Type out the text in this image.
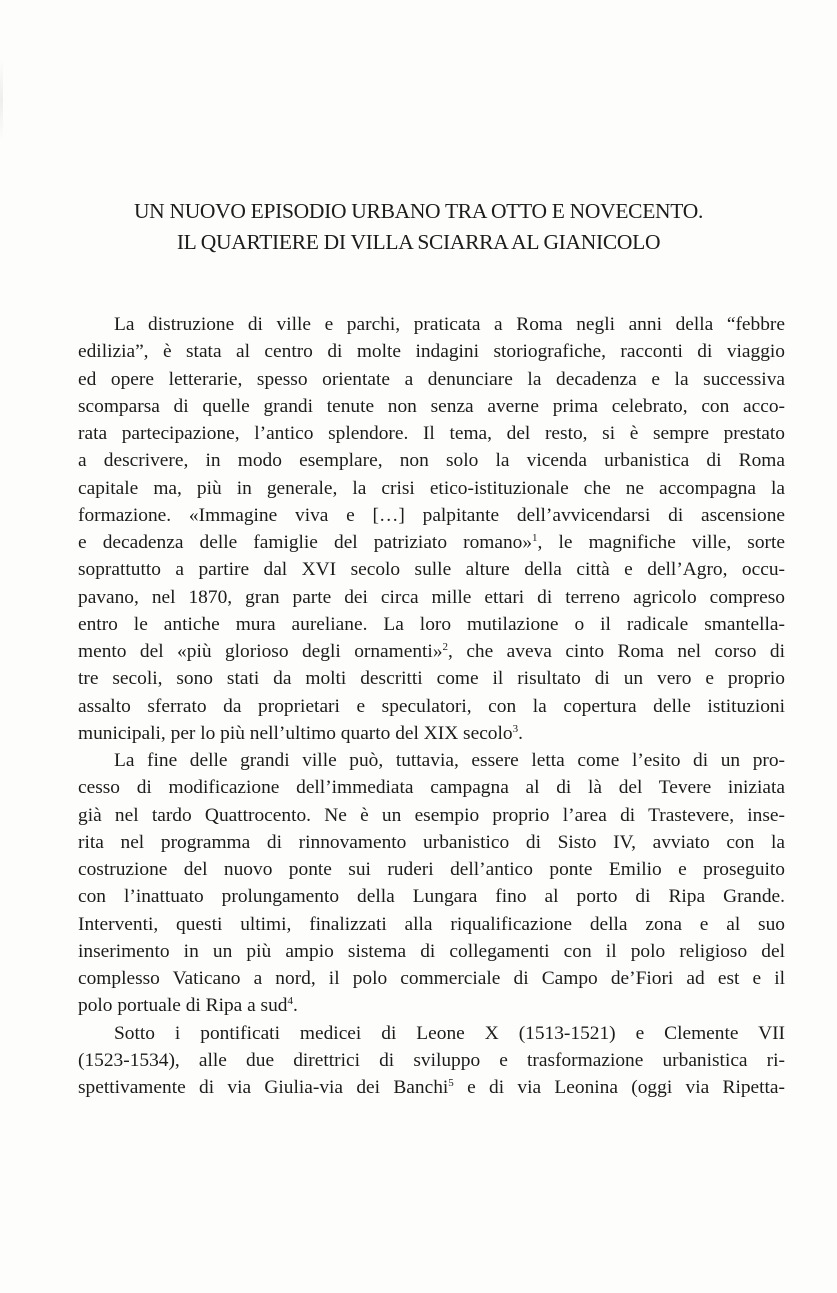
UN NUOVO EPISODIO URBANO TRA OTTO E NOVECENTO.
IL QUARTIERE DI VILLA SCIARRA AL GIANICOLO

La distruzione di ville e parchi, praticata a Roma negli anni della “febbre
edilizia”, è stata al centro di molte indagini storiografiche, racconti di viaggio
ed opere letterarie, spesso orientate a denunciare la decadenza e la successiva
scomparsa di quelle grandi tenute non senza averne prima celebrato, con acco-
rata partecipazione, l’antico splendore. Il tema, del resto, si è sempre prestato
a descrivere, in modo esemplare, non solo la vicenda urbanistica di Roma
capitale ma, più in generale, la crisi etico-istituzionale che ne accompagna la
formazione. «Immagine viva e […] palpitante dell’avvicendarsi di ascensione
e decadenza delle famiglie del patriziato romano»$^1$, le magnifiche ville, sorte
soprattutto a partire dal XVI secolo sulle alture della città e dell’Agro, occu-
pavano, nel 1870, gran parte dei circa mille ettari di terreno agricolo compreso
entro le antiche mura aureliane. La loro mutilazione o il radicale smantella-
mento del «più glorioso degli ornamenti»$^2$, che aveva cinto Roma nel corso di
tre secoli, sono stati da molti descritti come il risultato di un vero e proprio
assalto sferrato da proprietari e speculatori, con la copertura delle istituzioni
municipali, per lo più nell’ultimo quarto del XIX secolo$^3$.

La fine delle grandi ville può, tuttavia, essere letta come l’esito di un pro-
cesso di modificazione dell’immediata campagna al di là del Tevere iniziata
già nel tardo Quattrocento. Ne è un esempio proprio l’area di Trastevere, inse-
rita nel programma di rinnovamento urbanistico di Sisto IV, avviato con la
costruzione del nuovo ponte sui ruderi dell’antico ponte Emilio e proseguito
con l’inattuato prolungamento della Lungara fino al porto di Ripa Grande.
Interventi, questi ultimi, finalizzati alla riqualificazione della zona e al suo
inserimento in un più ampio sistema di collegamenti con il polo religioso del
complesso Vaticano a nord, il polo commerciale di Campo de’Fiori ad est e il
polo portuale di Ripa a sud$^4$.

Sotto i pontificati medicei di Leone X (1513-1521) e Clemente VII
(1523-1534), alle due direttrici di sviluppo e trasformazione urbanistica ri-
spettivamente di via Giulia-via dei Banchi$^5$ e di via Leonina (oggi via Ripetta-
